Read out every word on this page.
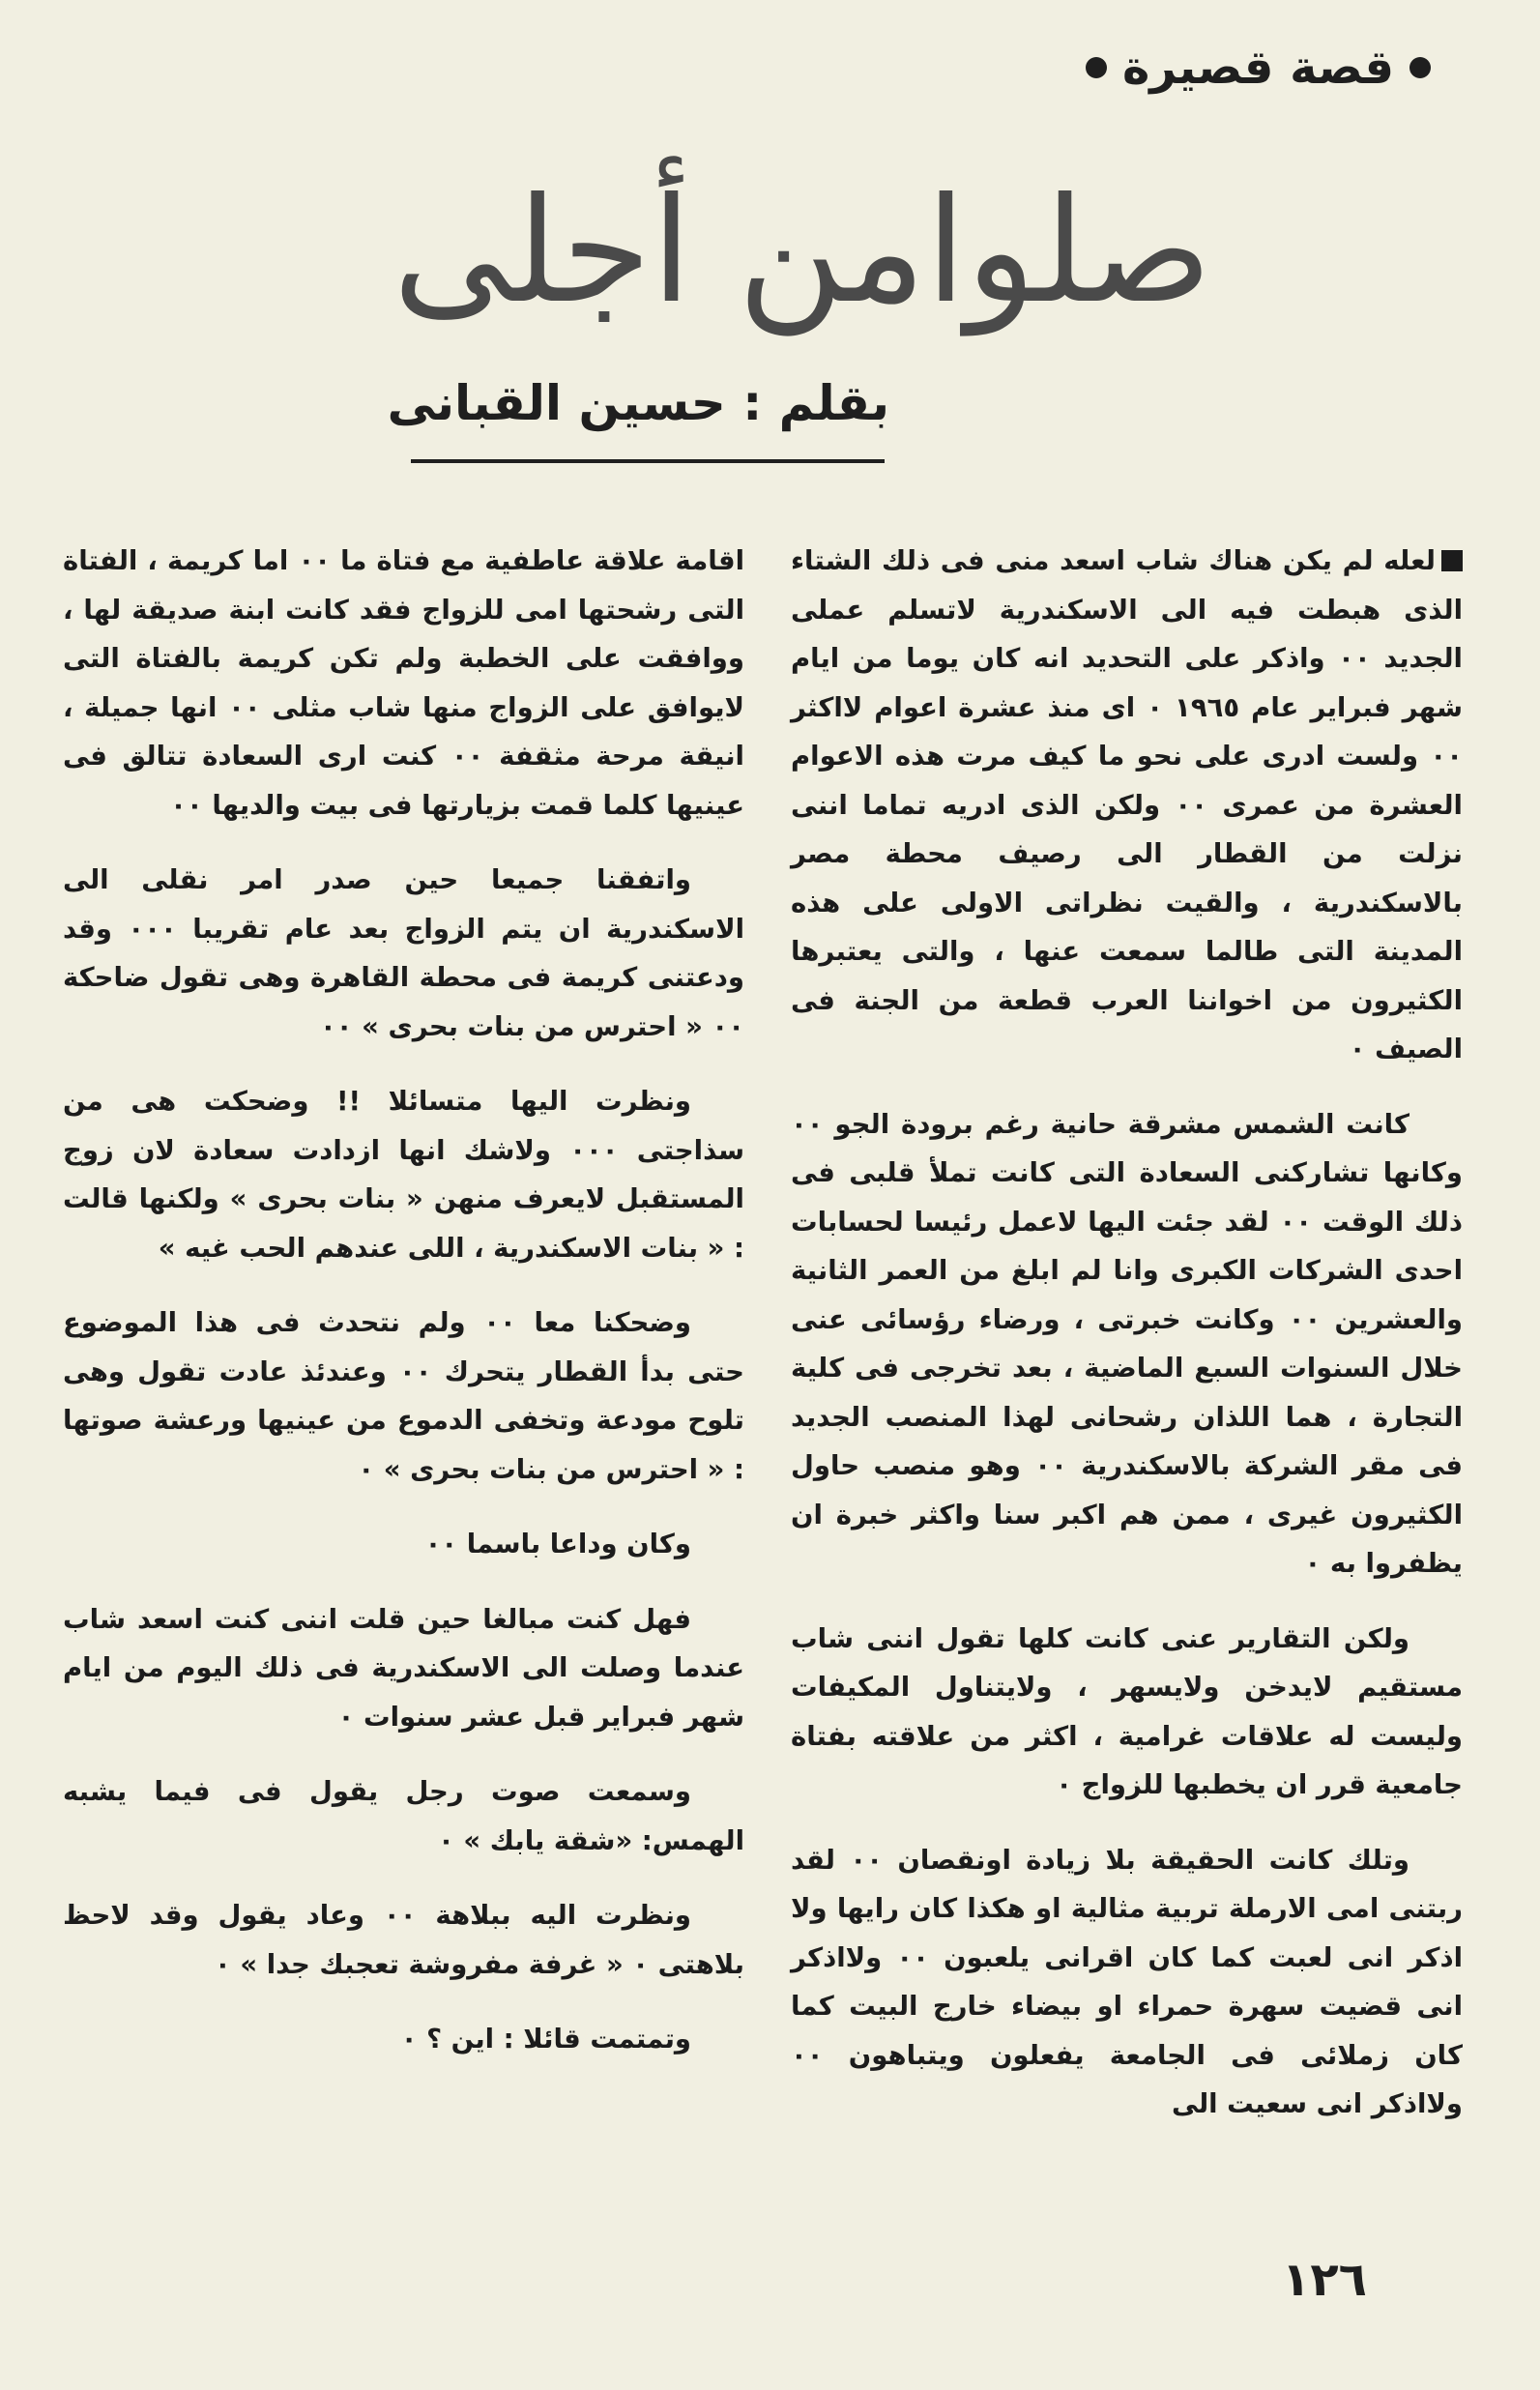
قصة قصيرة
صلوامن أجلى
بقلم : حسين القبانى

لعله لم يكن هناك شاب اسعد منى فى ذلك الشتاء الذى هبطت فيه الى الاسكندرية لاتسلم عملى الجديد ٠٠ واذكر على التحديد انه كان يوما من ايام شهر فبراير عام ١٩٦٥ ٠ اى منذ عشرة اعوام لااكثر ٠٠ ولست ادرى على نحو ما كيف مرت هذه الاعوام العشرة من عمرى ٠٠ ولكن الذى ادريه تماما اننى نزلت من القطار الى رصيف محطة مصر بالاسكندرية ، والقيت نظراتى الاولى على هذه المدينة التى طالما سمعت عنها ، والتى يعتبرها الكثيرون من اخواننا العرب قطعة من الجنة فى الصيف ٠

كانت الشمس مشرقة حانية رغم برودة الجو ٠٠ وكانها تشاركنى السعادة التى كانت تملأ قلبى فى ذلك الوقت ٠٠ لقد جئت اليها لاعمل رئيسا لحسابات احدى الشركات الكبرى وانا لم ابلغ من العمر الثانية والعشرين ٠٠ وكانت خبرتى ، ورضاء رؤسائى عنى خلال السنوات السبع الماضية ، بعد تخرجى فى كلية التجارة ، هما اللذان رشحانى لهذا المنصب الجديد فى مقر الشركة بالاسكندرية ٠٠ وهو منصب حاول الكثيرون غيرى ، ممن هم اكبر سنا واكثر خبرة ان يظفروا به ٠

ولكن التقارير عنى كانت كلها تقول اننى شاب مستقيم لايدخن ولايسهر ، ولايتناول المكيفات وليست له علاقات غرامية ، اكثر من علاقته بفتاة جامعية قرر ان يخطبها للزواج ٠

وتلك كانت الحقيقة بلا زيادة اونقصان ٠٠ لقد ربتنى امى الارملة تربية مثالية او هكذا كان رايها ولا اذكر انى لعبت كما كان اقرانى يلعبون ٠٠ ولااذكر انى قضيت سهرة حمراء او بيضاء خارج البيت كما كان زملائى فى الجامعة يفعلون ويتباهون ٠٠ ولااذكر انى سعيت الى

اقامة علاقة عاطفية مع فتاة ما ٠٠ اما كريمة ، الفتاة التى رشحتها امى للزواج فقد كانت ابنة صديقة لها ، ووافقت على الخطبة ولم تكن كريمة بالفتاة التى لايوافق على الزواج منها شاب مثلى ٠٠ انها جميلة ، انيقة مرحة مثقفة ٠٠ كنت ارى السعادة تتالق فى عينيها كلما قمت بزيارتها فى بيت والديها ٠٠

واتفقنا جميعا حين صدر امر نقلى الى الاسكندرية ان يتم الزواج بعد عام تقريبا ٠٠٠ وقد ودعتنى كريمة فى محطة القاهرة وهى تقول ضاحكة ٠٠ « احترس من بنات بحرى » ٠٠

ونظرت اليها متسائلا !! وضحكت هى من سذاجتى ٠٠٠ ولاشك انها ازدادت سعادة لان زوج المستقبل لايعرف منهن « بنات بحرى » ولكنها قالت : « بنات الاسكندرية ، اللى عندهم الحب غيه »

وضحكنا معا ٠٠ ولم نتحدث فى هذا الموضوع حتى بدأ القطار يتحرك ٠٠ وعندئذ عادت تقول وهى تلوح مودعة وتخفى الدموع من عينيها ورعشة صوتها : « احترس من بنات بحرى » ٠

وكان وداعا باسما ٠٠

فهل كنت مبالغا حين قلت اننى كنت اسعد شاب عندما وصلت الى الاسكندرية فى ذلك اليوم من ايام شهر فبراير قبل عشر سنوات ٠

وسمعت صوت رجل يقول فى فيما يشبه الهمس: «شقة يابك » ٠

ونظرت اليه ببلاهة ٠٠ وعاد يقول وقد لاحظ بلاهتى ٠ « غرفة مفروشة تعجبك جدا » ٠

وتمتمت قائلا : اين ؟ ٠

١٢٦
